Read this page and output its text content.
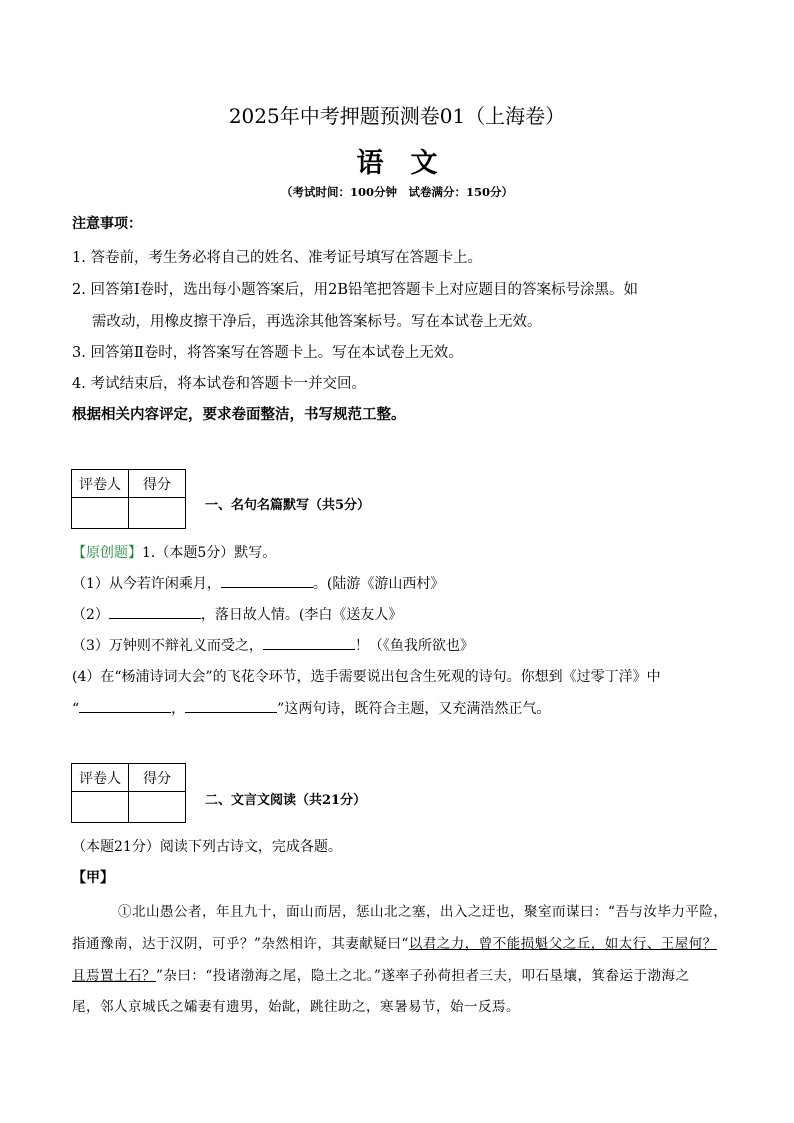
2025年中考押题预测卷01（上海卷）
语　文
（考试时间：100分钟　试卷满分：150分）
注意事项：
1. 答卷前，考生务必将自己的姓名、准考证号填写在答题卡上。
2. 回答第Ⅰ卷时，选出每小题答案后，用2B铅笔把答题卡上对应题目的答案标号涂黑。如
需改动，用橡皮擦干净后，再选涂其他答案标号。写在本试卷上无效。
3. 回答第Ⅱ卷时，将答案写在答题卡上。写在本试卷上无效。
4. 考试结束后，将本试卷和答题卡一并交回。
根据相关内容评定，要求卷面整洁，书写规范工整。
评卷人	得分

一、名句名篇默写（共5分）
【原创题】1.（本题5分）默写。
（1）从今若许闲乘月，	。(陆游《游山西村》
（2）	，落日故人情。(李白《送友人》
（3）万钟则不辩礼义而受之，	！（《鱼我所欲也》
(4）在“杨浦诗词大会”的飞花令环节，选手需要说出包含生死观的诗句。你想到《过零丁洋》中
“	，	”这两句诗，既符合主题，又充满浩然正气。
评卷人	得分

二、文言文阅读（共21分）
（本题21分）阅读下列古诗文，完成各题。
【甲】
①北山愚公者，年且九十，面山而居，惩山北之塞，出入之迂也，聚室而谋曰：“吾与汝毕力平险，
指通豫南，达于汉阴，可乎？”杂然相许，其妻献疑曰“以君之力，曾不能损魁父之丘，如太行、王屋何？
且焉置土石？”杂曰：“投诸渤海之尾，隐土之北。”遂率子孙荷担者三夫，叩石垦壤，箕畚运于渤海之
尾，邻人京城氏之孀妻有遗男，始龀，跳往助之，寒暑易节，始一反焉。
